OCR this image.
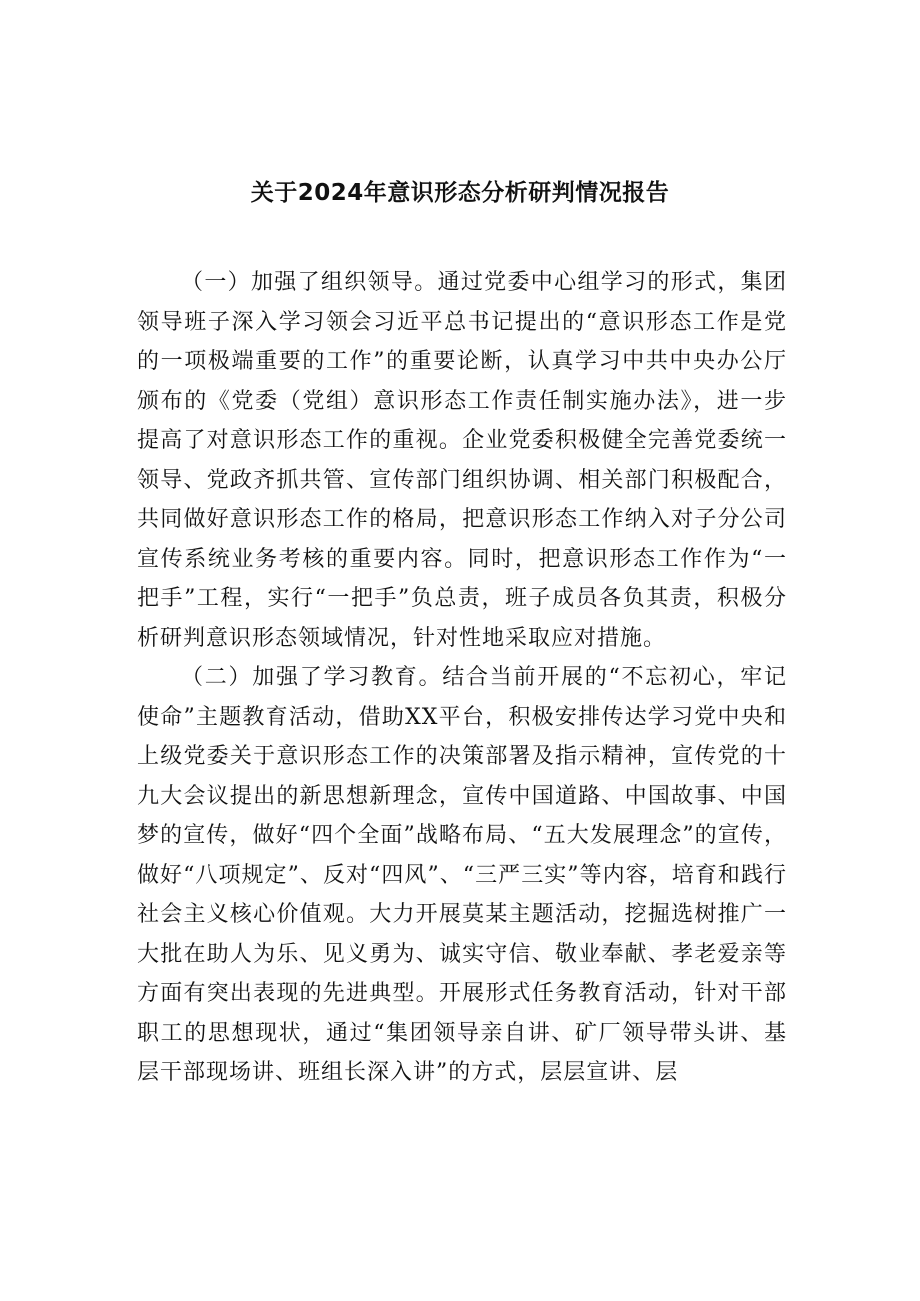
关于2024年意识形态分析研判情况报告

（一）加强了组织领导。通过党委中心组学习的形式，集团领导班子深入学习领会习近平总书记提出的“意识形态工作是党的一项极端重要的工作”的重要论断，认真学习中共中央办公厅颁布的《党委（党组）意识形态工作责任制实施办法》，进一步提高了对意识形态工作的重视。企业党委积极健全完善党委统一领导、党政齐抓共管、宣传部门组织协调、相关部门积极配合，共同做好意识形态工作的格局，把意识形态工作纳入对子分公司宣传系统业务考核的重要内容。同时，把意识形态工作作为“一把手”工程，实行“一把手”负总责，班子成员各负其责，积极分析研判意识形态领域情况，针对性地采取应对措施。

（二）加强了学习教育。结合当前开展的“不忘初心，牢记使命”主题教育活动，借助XX平台，积极安排传达学习党中央和上级党委关于意识形态工作的决策部署及指示精神，宣传党的十九大会议提出的新思想新理念，宣传中国道路、中国故事、中国梦的宣传，做好“四个全面”战略布局、“五大发展理念”的宣传，做好“八项规定”、反对“四风”、“三严三实”等内容，培育和践行社会主义核心价值观。大力开展莫某主题活动，挖掘选树推广一大批在助人为乐、见义勇为、诚实守信、敬业奉献、孝老爱亲等方面有突出表现的先进典型。开展形式任务教育活动，针对干部职工的思想现状，通过“集团领导亲自讲、矿厂领导带头讲、基层干部现场讲、班组长深入讲”的方式，层层宣讲、层
